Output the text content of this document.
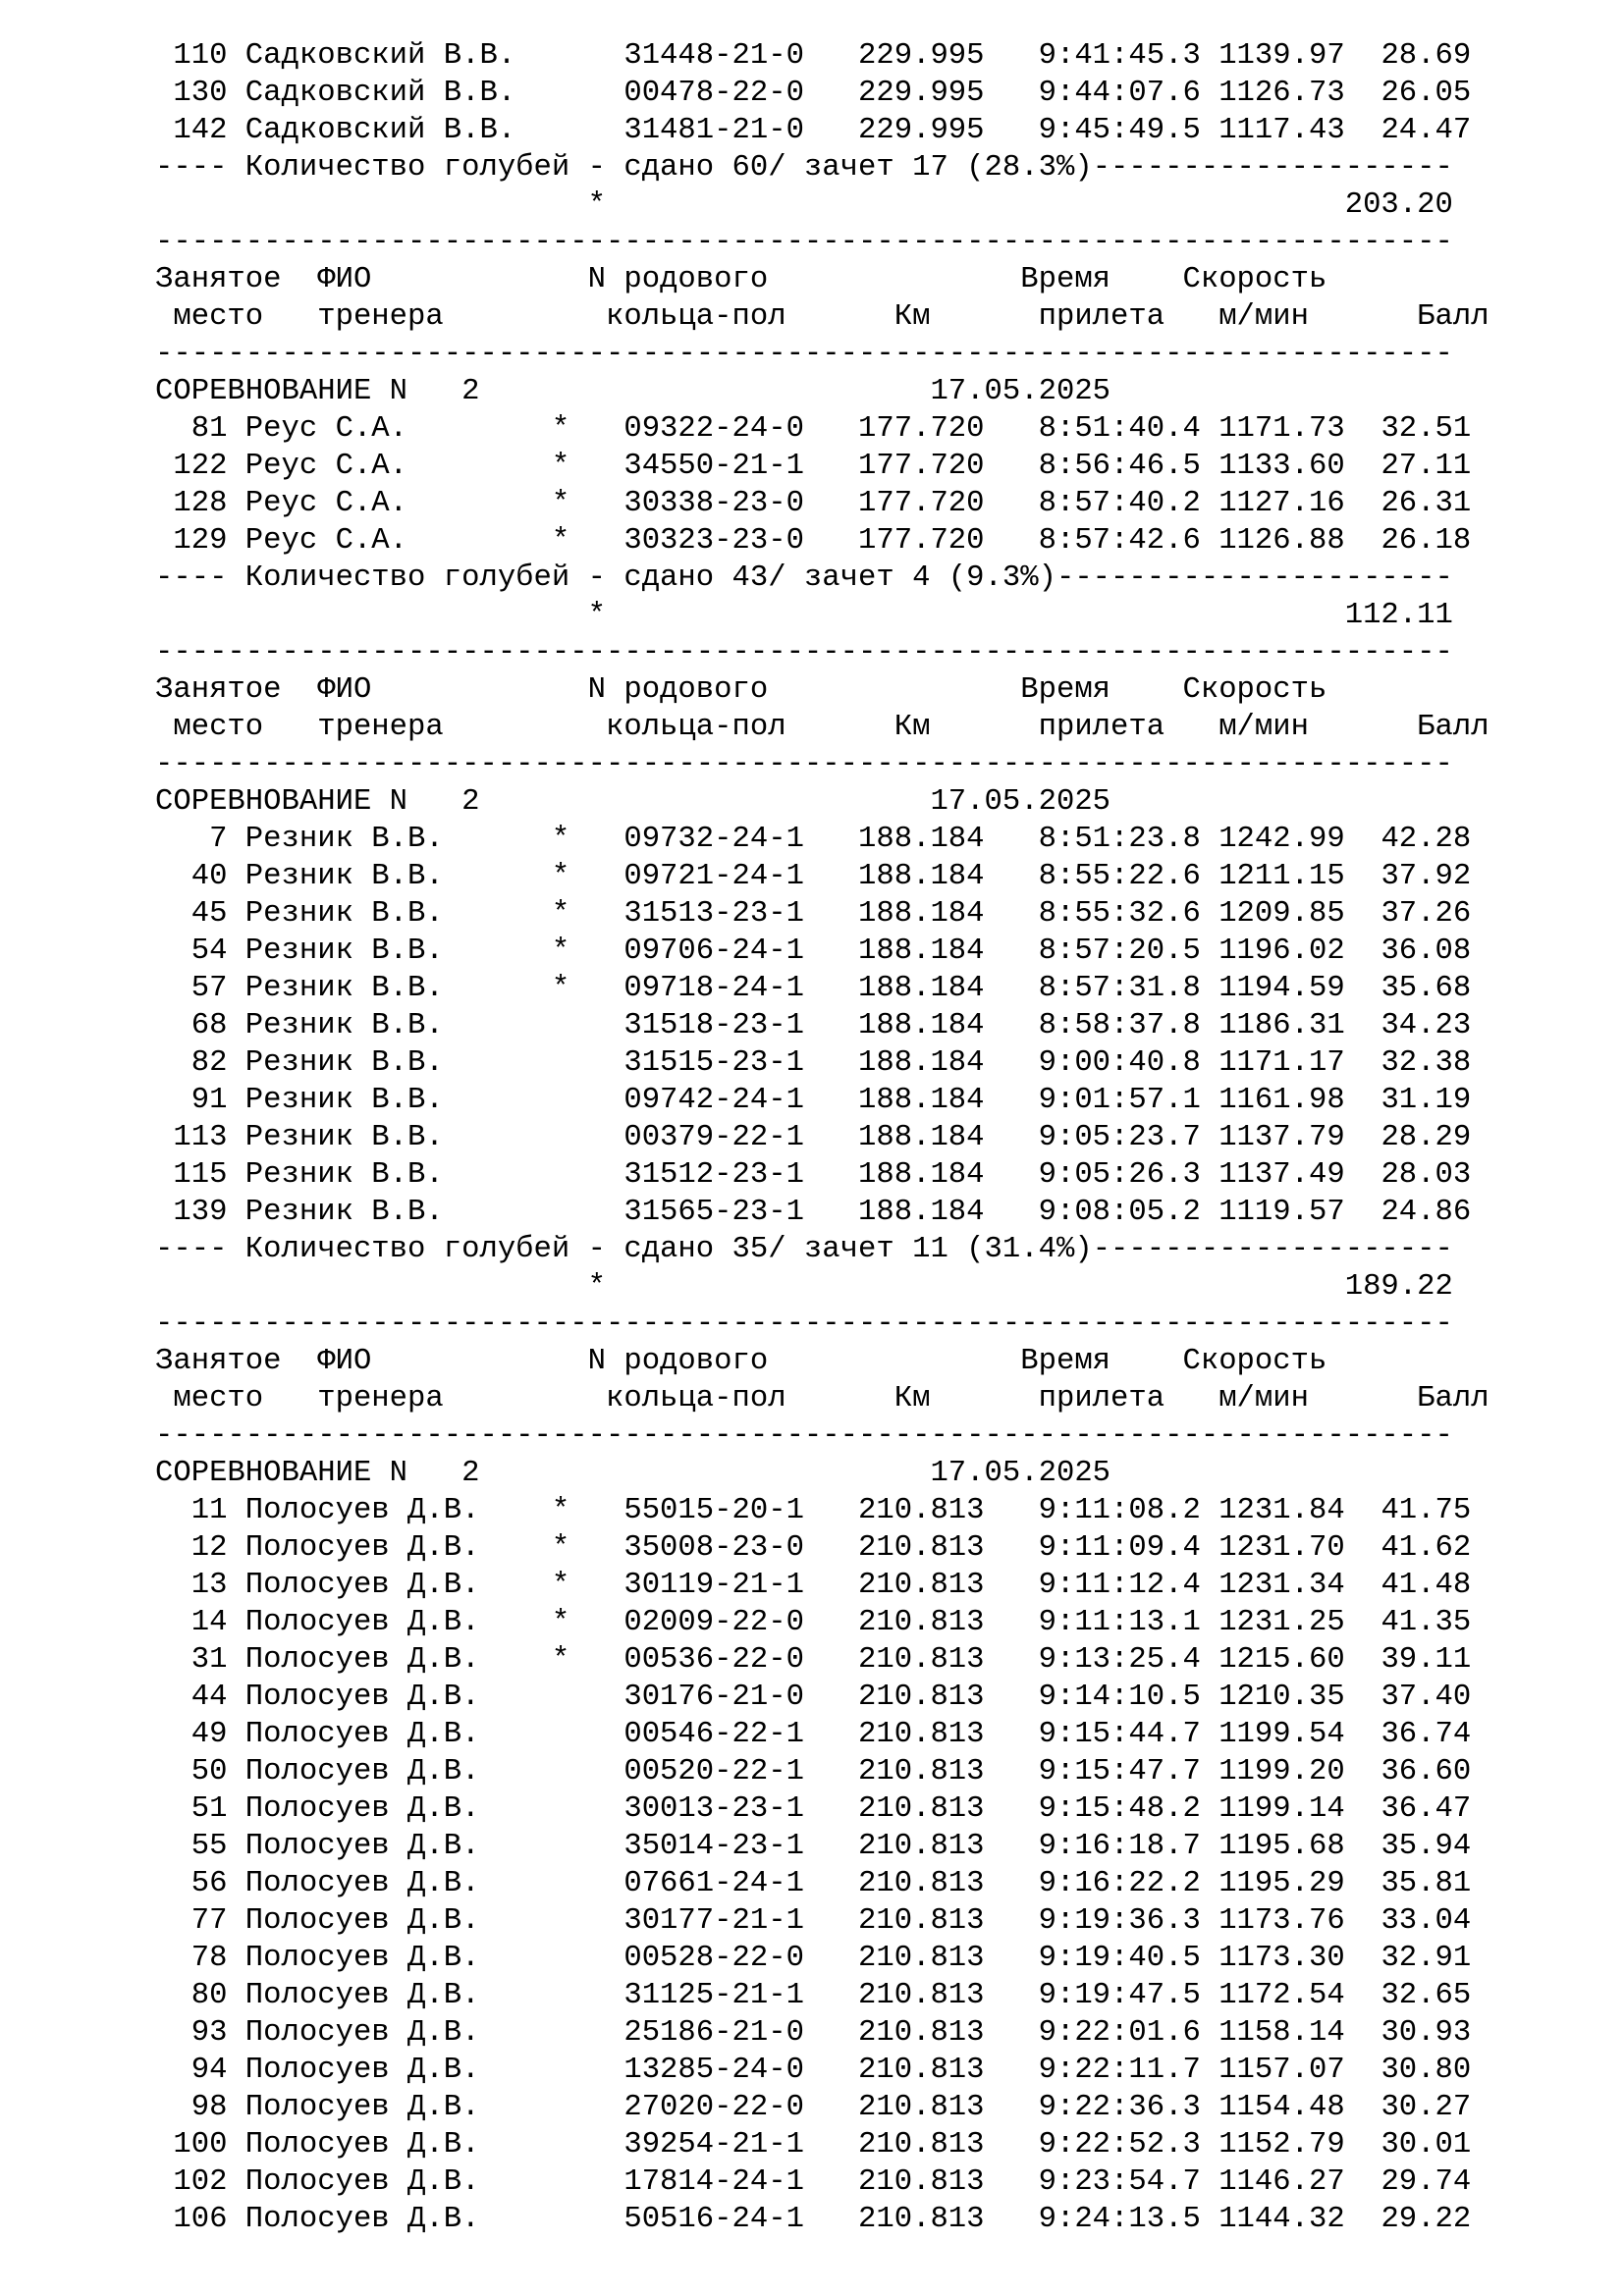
110 Садковский В.В.	31448-21-0 229.995 9:41:45.3 1139.97 28.69
130 Садковский В.В.	00478-22-0 229.995 9:44:07.6 1126.73 26.05
142 Садковский В.В.	31481-21-0 229.995 9:45:49.5 1117.43 24.47
---- Количество голубей - сдано 60/ зачет 17 (28.3%)--------------------
*	203.20
------------------------------------------------------------------------
Занятое ФИО	N родового	Время Скорость
место тренера	кольца-пол	Км	прилета м/мин	Балл
------------------------------------------------------------------------
СОРЕВНОВАНИЕ N 2	17.05.2025
81 Реус С.А.	* 09322-24-0 177.720 8:51:40.4 1171.73 32.51
122 Реус С.А.	* 34550-21-1 177.720 8:56:46.5 1133.60 27.11
128 Реус С.А.	* 30338-23-0 177.720 8:57:40.2 1127.16 26.31
129 Реус С.А.	* 30323-23-0 177.720 8:57:42.6 1126.88 26.18
---- Количество голубей - сдано 43/ зачет 4 (9.3%)----------------------
*	112.11
------------------------------------------------------------------------
Занятое ФИО	N родового	Время Скорость
место тренера	кольца-пол	Км	прилета м/мин	Балл
------------------------------------------------------------------------
СОРЕВНОВАНИЕ N 2	17.05.2025
7 Резник В.В.	* 09732-24-1 188.184 8:51:23.8 1242.99 42.28
40 Резник В.В.	* 09721-24-1 188.184 8:55:22.6 1211.15 37.92
45 Резник В.В.	* 31513-23-1 188.184 8:55:32.6 1209.85 37.26
54 Резник В.В.	* 09706-24-1 188.184 8:57:20.5 1196.02 36.08
57 Резник В.В.	* 09718-24-1 188.184 8:57:31.8 1194.59 35.68
68 Резник В.В.	31518-23-1 188.184 8:58:37.8 1186.31 34.23
82 Резник В.В.	31515-23-1 188.184 9:00:40.8 1171.17 32.38
91 Резник В.В.	09742-24-1 188.184 9:01:57.1 1161.98 31.19
113 Резник В.В.	00379-22-1 188.184 9:05:23.7 1137.79 28.29
115 Резник В.В.	31512-23-1 188.184 9:05:26.3 1137.49 28.03
139 Резник В.В.	31565-23-1 188.184 9:08:05.2 1119.57 24.86
---- Количество голубей - сдано 35/ зачет 11 (31.4%)--------------------
*	189.22
------------------------------------------------------------------------
Занятое ФИО	N родового	Время Скорость
место тренера	кольца-пол	Км	прилета м/мин	Балл
------------------------------------------------------------------------
СОРЕВНОВАНИЕ N 2	17.05.2025
11 Полосуев Д.В. * 55015-20-1 210.813 9:11:08.2 1231.84 41.75
12 Полосуев Д.В. * 35008-23-0 210.813 9:11:09.4 1231.70 41.62
13 Полосуев Д.В. * 30119-21-1 210.813 9:11:12.4 1231.34 41.48
14 Полосуев Д.В. * 02009-22-0 210.813 9:11:13.1 1231.25 41.35
31 Полосуев Д.В. * 00536-22-0 210.813 9:13:25.4 1215.60 39.11
44 Полосуев Д.В.	30176-21-0 210.813 9:14:10.5 1210.35 37.40
49 Полосуев Д.В.	00546-22-1 210.813 9:15:44.7 1199.54 36.74
50 Полосуев Д.В.	00520-22-1 210.813 9:15:47.7 1199.20 36.60
51 Полосуев Д.В.	30013-23-1 210.813 9:15:48.2 1199.14 36.47
55 Полосуев Д.В.	35014-23-1 210.813 9:16:18.7 1195.68 35.94
56 Полосуев Д.В.	07661-24-1 210.813 9:16:22.2 1195.29 35.81
77 Полосуев Д.В.	30177-21-1 210.813 9:19:36.3 1173.76 33.04
78 Полосуев Д.В.	00528-22-0 210.813 9:19:40.5 1173.30 32.91
80 Полосуев Д.В.	31125-21-1 210.813 9:19:47.5 1172.54 32.65
93 Полосуев Д.В.	25186-21-0 210.813 9:22:01.6 1158.14 30.93
94 Полосуев Д.В.	13285-24-0 210.813 9:22:11.7 1157.07 30.80
98 Полосуев Д.В.	27020-22-0 210.813 9:22:36.3 1154.48 30.27
100 Полосуев Д.В.	39254-21-1 210.813 9:22:52.3 1152.79 30.01
102 Полосуев Д.В.	17814-24-1 210.813 9:23:54.7 1146.27 29.74
106 Полосуев Д.В.	50516-24-1 210.813 9:24:13.5 1144.32 29.22
